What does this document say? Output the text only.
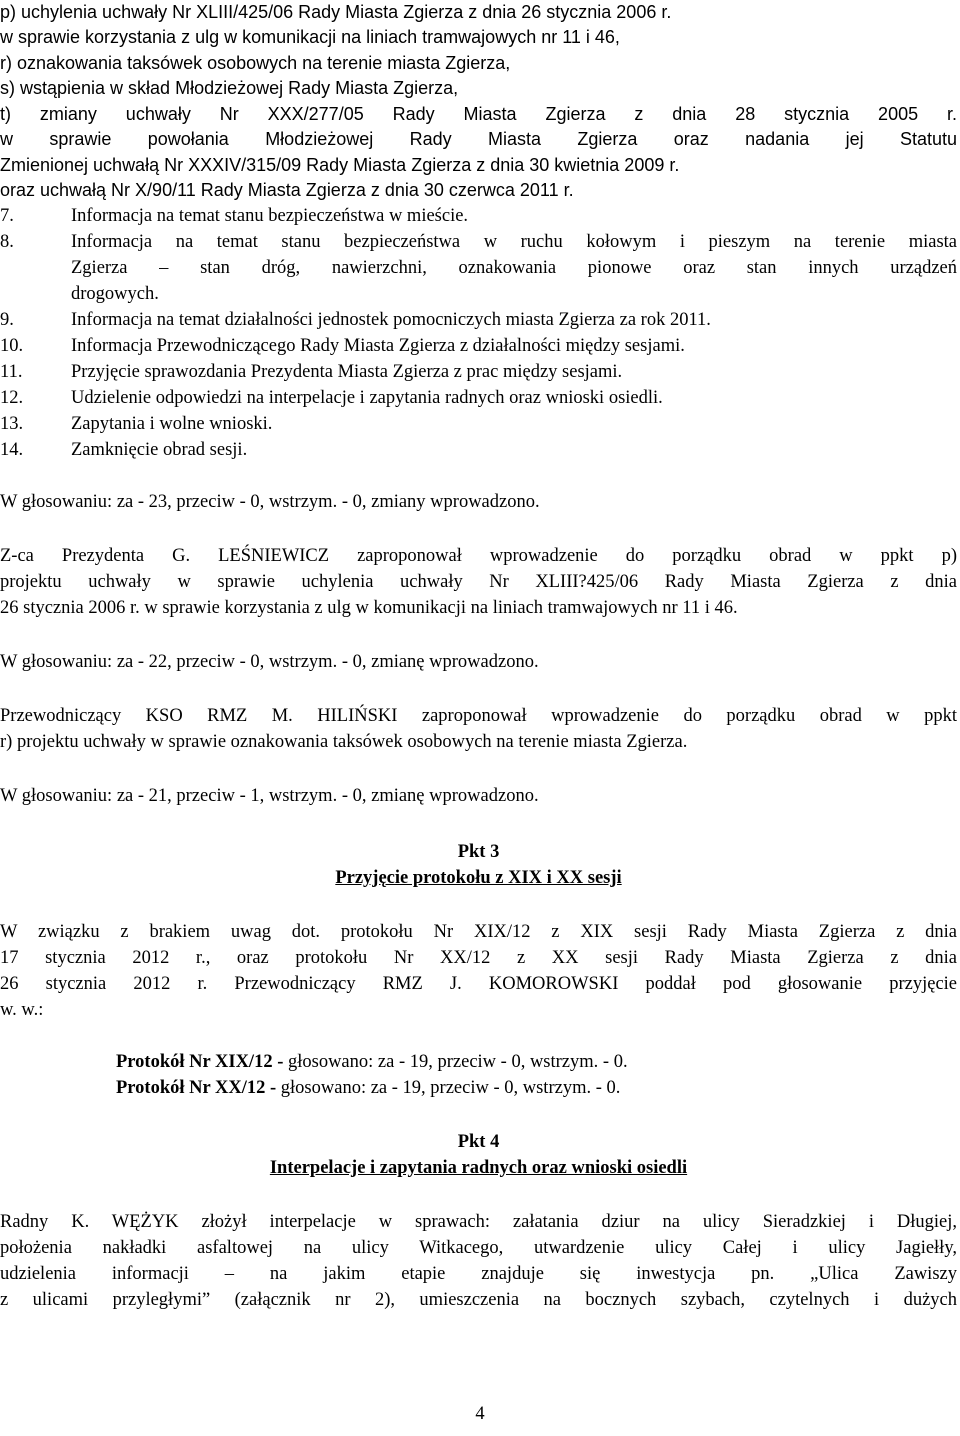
p) uchylenia uchwały Nr XLIII/425/06 Rady Miasta Zgierza z dnia 26 stycznia 2006 r.
w sprawie korzystania z ulg w komunikacji na liniach tramwajowych nr 11 i 46,
r) oznakowania taksówek osobowych na terenie miasta Zgierza,
s) wstąpienia w skład Młodzieżowej Rady Miasta Zgierza,
t) zmiany uchwały Nr XXX/277/05 Rady Miasta Zgierza z dnia 28 stycznia 2005 r.
w sprawie powołania Młodzieżowej Rady Miasta Zgierza oraz nadania jej Statutu
Zmienionej uchwałą Nr XXXIV/315/09 Rady Miasta Zgierza z dnia 30 kwietnia 2009 r.
oraz uchwałą Nr X/90/11 Rady Miasta Zgierza z dnia 30 czerwca 2011 r.
7.	Informacja na temat stanu bezpieczeństwa w mieście.
8.	Informacja na temat stanu bezpieczeństwa w ruchu kołowym i pieszym na terenie miasta
Zgierza – stan dróg, nawierzchni, oznakowania pionowe oraz stan innych urządzeń
drogowych.
9.	Informacja na temat działalności jednostek pomocniczych miasta Zgierza za rok 2011.
10.	Informacja Przewodniczącego Rady Miasta Zgierza z działalności między sesjami.
11.	Przyjęcie sprawozdania Prezydenta Miasta Zgierza z prac między sesjami.
12.	Udzielenie odpowiedzi na interpelacje i zapytania radnych oraz wnioski osiedli.
13.	Zapytania i wolne wnioski.
14.	Zamknięcie obrad sesji.
W głosowaniu: za - 23, przeciw - 0, wstrzym. - 0, zmiany wprowadzono.
Z-ca Prezydenta G. LEŚNIEWICZ zaproponował wprowadzenie do porządku obrad w ppkt p)
projektu uchwały w sprawie uchylenia uchwały Nr XLIII?425/06 Rady Miasta Zgierza z dnia
26 stycznia 2006 r. w sprawie korzystania z ulg w komunikacji na liniach tramwajowych nr 11 i 46.
W głosowaniu: za - 22, przeciw - 0, wstrzym. - 0, zmianę wprowadzono.
Przewodniczący KSO RMZ M. HILIŃSKI zaproponował wprowadzenie do porządku obrad w ppkt
r) projektu uchwały w sprawie oznakowania taksówek osobowych na terenie miasta Zgierza.
W głosowaniu: za - 21, przeciw - 1, wstrzym. - 0, zmianę wprowadzono.
Pkt 3
Przyjęcie protokołu z XIX i XX sesji
W związku z brakiem uwag dot. protokołu Nr XIX/12 z XIX sesji Rady Miasta Zgierza z dnia
17 stycznia 2012 r., oraz protokołu Nr XX/12 z XX sesji Rady Miasta Zgierza z dnia
26 stycznia 2012 r. Przewodniczący RMZ J. KOMOROWSKI poddał pod głosowanie przyjęcie
w. w.:
Protokół Nr XIX/12 - głosowano: za - 19, przeciw - 0, wstrzym. - 0.
Protokół Nr XX/12 - głosowano: za - 19, przeciw - 0, wstrzym. - 0.
Pkt 4
Interpelacje i zapytania radnych oraz wnioski osiedli
Radny K. WĘŻYK złożył interpelacje w sprawach: załatania dziur na ulicy Sieradzkiej i Długiej,
położenia nakładki asfaltowej na ulicy Witkacego, utwardzenie ulicy Całej i ulicy Jagiełły,
udzielenia informacji – na jakim etapie znajduje się inwestycja pn. „Ulica Zawiszy
z ulicami przyległymi” (załącznik nr 2), umieszczenia na bocznych szybach, czytelnych i dużych
4
